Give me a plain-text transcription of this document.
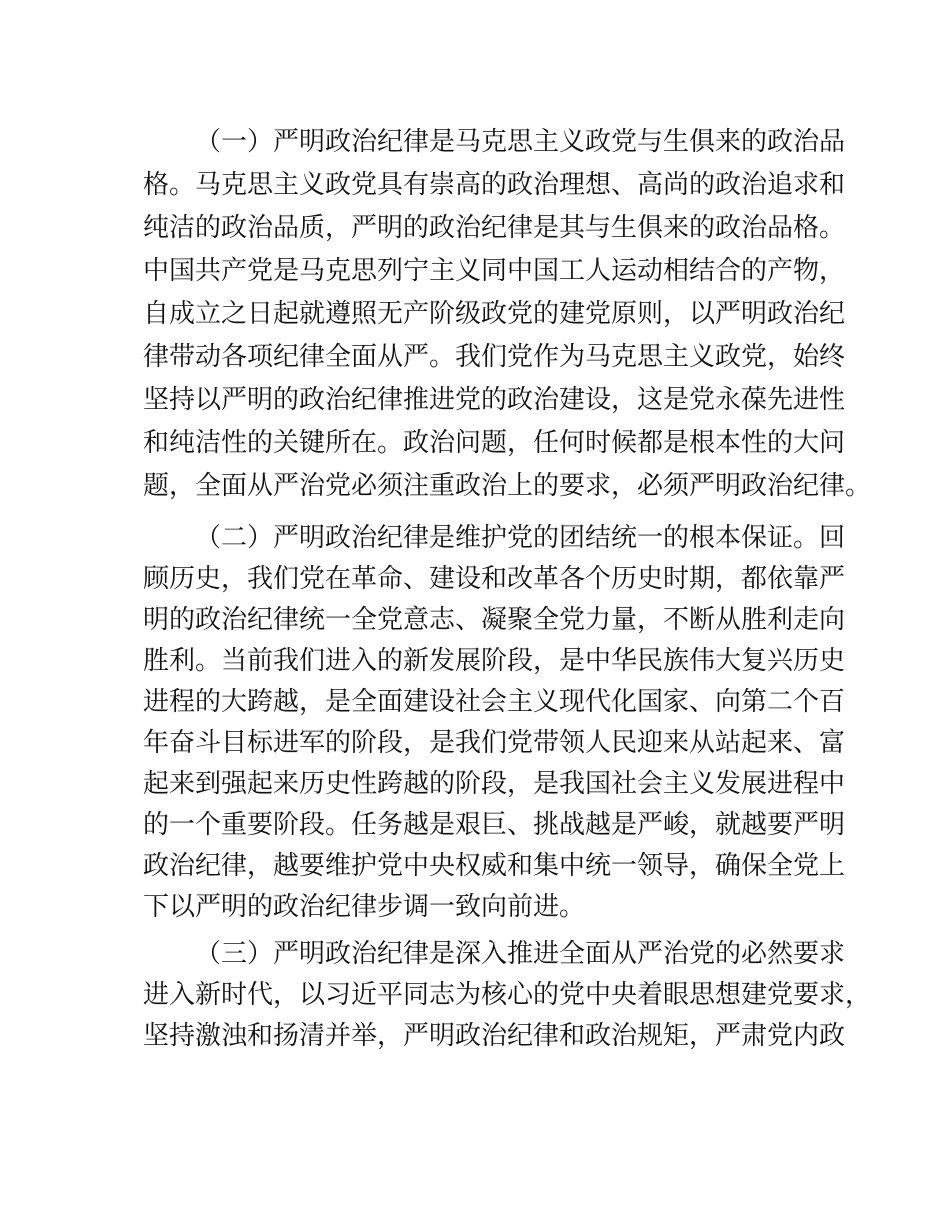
（一）严明政治纪律是马克思主义政党与生俱来的政治品
格。马克思主义政党具有崇高的政治理想、高尚的政治追求和
纯洁的政治品质，严明的政治纪律是其与生俱来的政治品格。
中国共产党是马克思列宁主义同中国工人运动相结合的产物，
自成立之日起就遵照无产阶级政党的建党原则，以严明政治纪
律带动各项纪律全面从严。我们党作为马克思主义政党，始终
坚持以严明的政治纪律推进党的政治建设，这是党永葆先进性
和纯洁性的关键所在。政治问题，任何时候都是根本性的大问
题，全面从严治党必须注重政治上的要求，必须严明政治纪律。
（二）严明政治纪律是维护党的团结统一的根本保证。回
顾历史，我们党在革命、建设和改革各个历史时期，都依靠严
明的政治纪律统一全党意志、凝聚全党力量，不断从胜利走向
胜利。当前我们进入的新发展阶段，是中华民族伟大复兴历史
进程的大跨越，是全面建设社会主义现代化国家、向第二个百
年奋斗目标进军的阶段，是我们党带领人民迎来从站起来、富
起来到强起来历史性跨越的阶段，是我国社会主义发展进程中
的一个重要阶段。任务越是艰巨、挑战越是严峻，就越要严明
政治纪律，越要维护党中央权威和集中统一领导，确保全党上
下以严明的政治纪律步调一致向前进。
（三）严明政治纪律是深入推进全面从严治党的必然要求
进入新时代，以习近平同志为核心的党中央着眼思想建党要求，
坚持激浊和扬清并举，严明政治纪律和政治规矩，严肃党内政
